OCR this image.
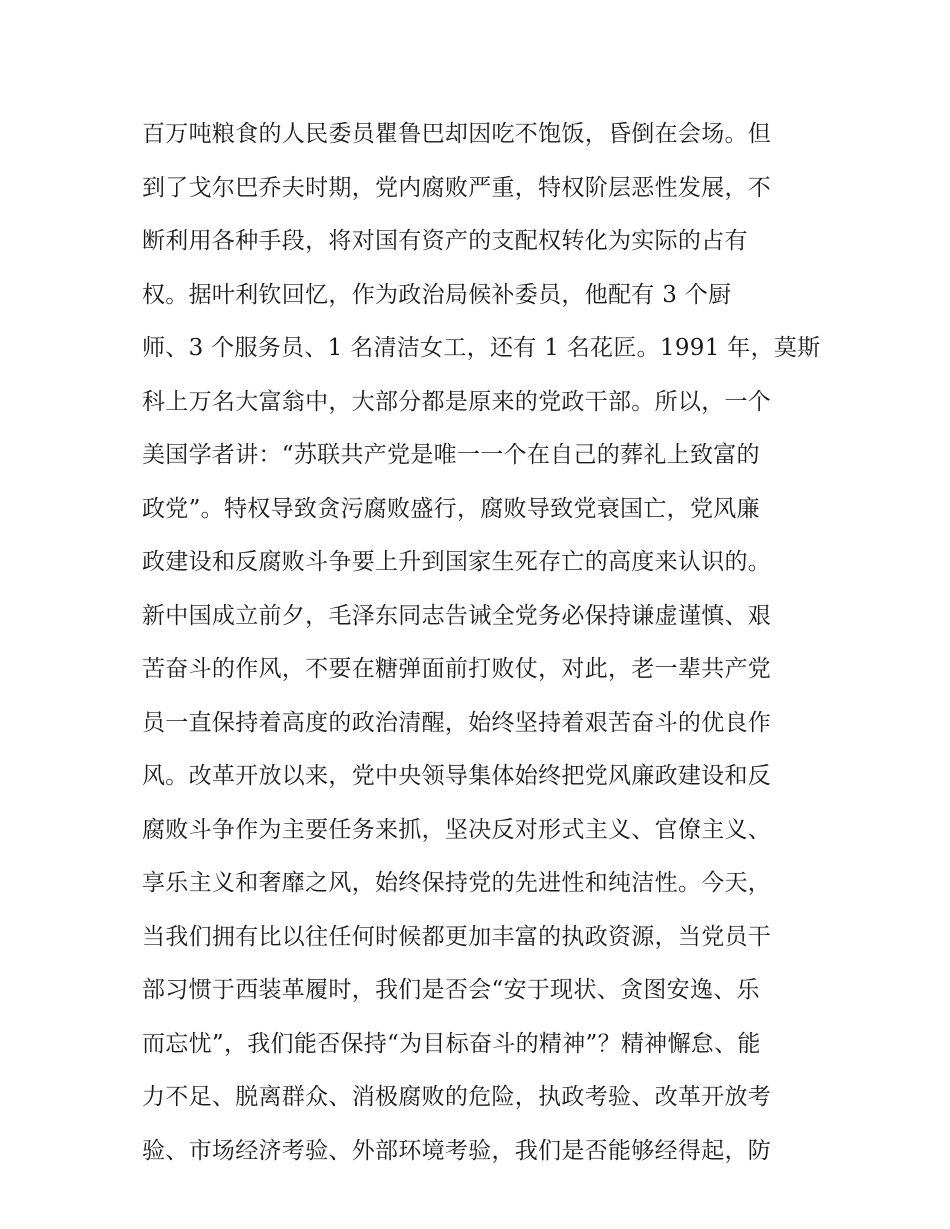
百万吨粮食的人民委员瞿鲁巴却因吃不饱饭，昏倒在会场。但
到了戈尔巴乔夫时期，党内腐败严重，特权阶层恶性发展，不
断利用各种手段，将对国有资产的支配权转化为实际的占有
权。据叶利钦回忆，作为政治局候补委员，他配有 3 个厨
师、3 个服务员、1 名清洁女工，还有 1 名花匠。1991 年，莫斯
科上万名大富翁中，大部分都是原来的党政干部。所以，一个
美国学者讲：“苏联共产党是唯一一个在自己的葬礼上致富的
政党”。特权导致贪污腐败盛行，腐败导致党衰国亡，党风廉
政建设和反腐败斗争要上升到国家生死存亡的高度来认识的。
新中国成立前夕，毛泽东同志告诫全党务必保持谦虚谨慎、艰
苦奋斗的作风，不要在糖弹面前打败仗，对此，老一辈共产党
员一直保持着高度的政治清醒，始终坚持着艰苦奋斗的优良作
风。改革开放以来，党中央领导集体始终把党风廉政建设和反
腐败斗争作为主要任务来抓，坚决反对形式主义、官僚主义、
享乐主义和奢靡之风，始终保持党的先进性和纯洁性。今天，
当我们拥有比以往任何时候都更加丰富的执政资源，当党员干
部习惯于西装革履时，我们是否会“安于现状、贪图安逸、乐
而忘忧”，我们能否保持“为目标奋斗的精神”？精神懈怠、能
力不足、脱离群众、消极腐败的危险，执政考验、改革开放考
验、市场经济考验、外部环境考验，我们是否能够经得起，防
